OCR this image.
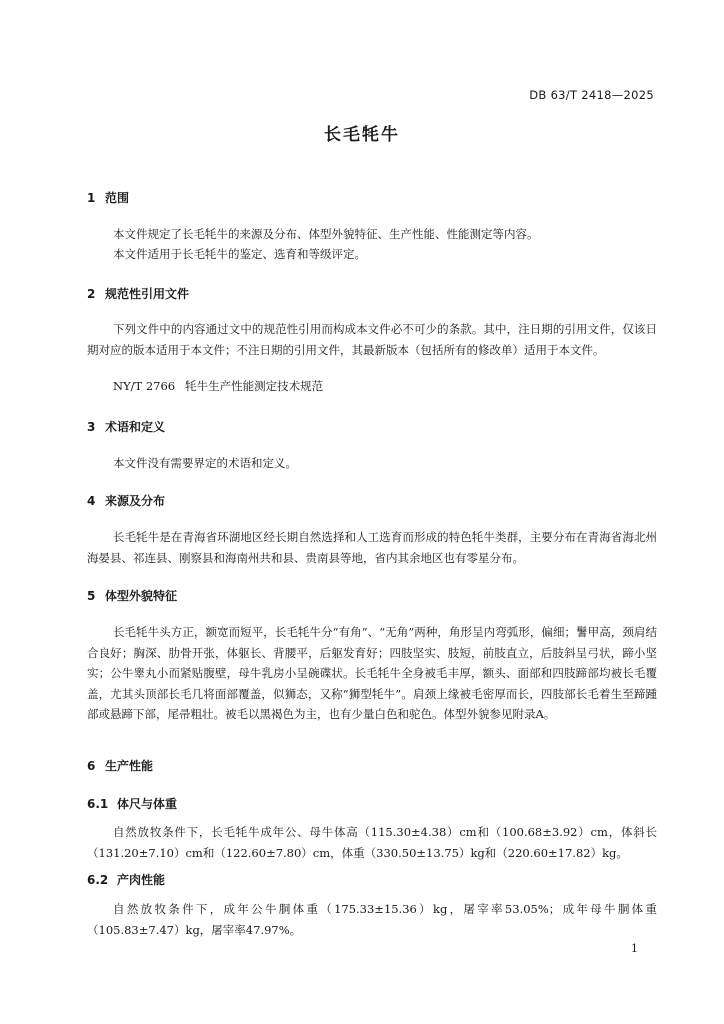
DB 63/T 2418—2025
长毛牦牛
1 范围
本文件规定了长毛牦牛的来源及分布、体型外貌特征、生产性能、性能测定等内容。
本文件适用于长毛牦牛的鉴定、选育和等级评定。
2 规范性引用文件
下列文件中的内容通过文中的规范性引用而构成本文件必不可少的条款。其中，注日期的引用文件，仅该日期对应的版本适用于本文件；不注日期的引用文件，其最新版本（包括所有的修改单）适用于本文件。
NY/T 2766 牦牛生产性能测定技术规范
3 术语和定义
本文件没有需要界定的术语和定义。
4 来源及分布
长毛牦牛是在青海省环湖地区经长期自然选择和人工选育而形成的特色牦牛类群，主要分布在青海省海北州海晏县、祁连县、刚察县和海南州共和县、贵南县等地，省内其余地区也有零星分布。
5 体型外貌特征
长毛牦牛头方正，额宽而短平，长毛牦牛分“有角”、“无角”两种，角形呈内弯弧形，偏细；鬐甲高，颈肩结合良好；胸深、肋骨开张，体躯长、背腰平，后躯发育好；四肢坚实、肢短，前肢直立，后肢斜呈弓状，蹄小坚实；公牛睾丸小而紧贴腹壁，母牛乳房小呈碗碟状。长毛牦牛全身被毛丰厚，额头、面部和四肢蹄部均被长毛覆盖，尤其头顶部长毛几将面部覆盖，似狮态，又称“狮型牦牛”。肩颈上缘被毛密厚而长，四肢部长毛着生至蹄踵部或悬蹄下部，尾帚粗壮。被毛以黑褐色为主，也有少量白色和驼色。体型外貌参见附录A。
6 生产性能
6.1 体尺与体重
自然放牧条件下，长毛牦牛成年公、母牛体高（115.30±4.38）cm和（100.68±3.92）cm，体斜长（131.20±7.10）cm和（122.60±7.80）cm，体重（330.50±13.75）kg和（220.60±17.82）kg。
6.2 产肉性能
自然放牧条件下，成年公牛胴体重（175.33±15.36）kg，屠宰率53.05%；成年母牛胴体重（105.83±7.47）kg，屠宰率47.97%。
1
